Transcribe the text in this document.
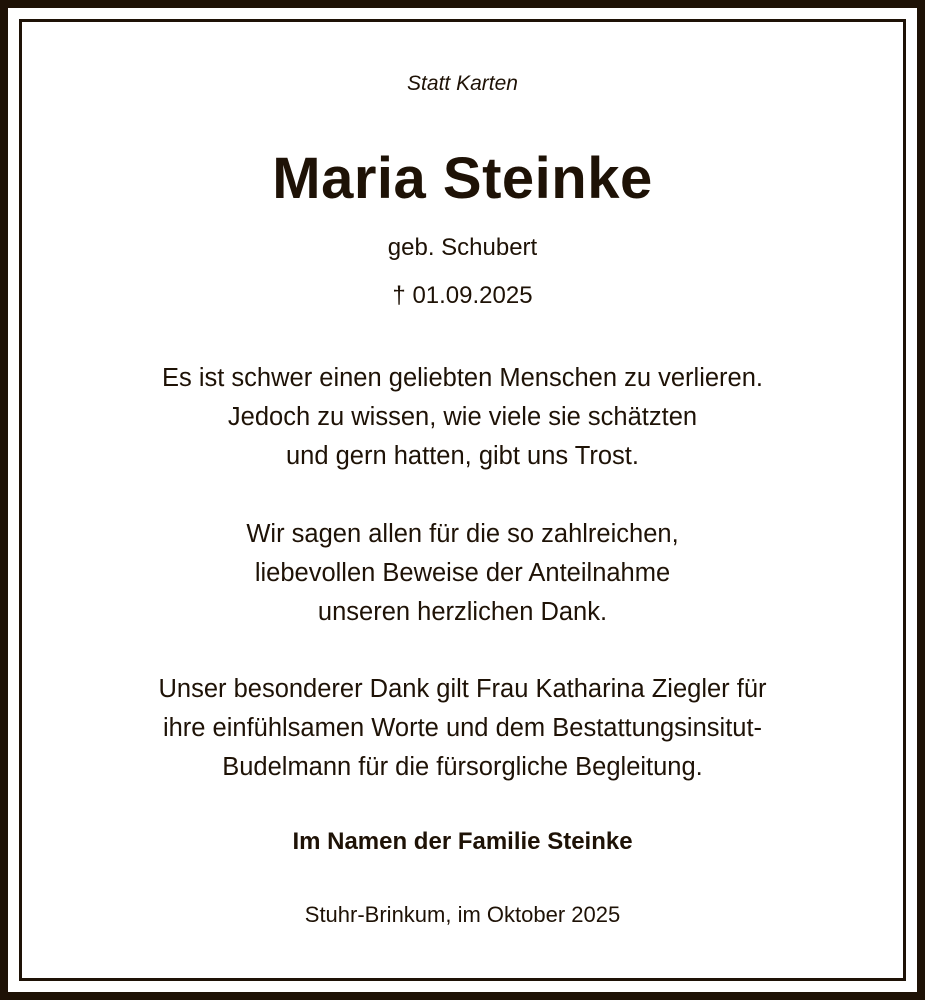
Statt Karten
Maria Steinke
geb. Schubert
† 01.09.2025
Es ist schwer einen geliebten Menschen zu verlieren.
Jedoch zu wissen, wie viele sie schätzten
und gern hatten, gibt uns Trost.
Wir sagen allen für die so zahlreichen,
liebevollen Beweise der Anteilnahme
unseren herzlichen Dank.
Unser besonderer Dank gilt Frau Katharina Ziegler für
ihre einfühlsamen Worte und dem Bestattungsinsitut-
Budelmann für die fürsorgliche Begleitung.
Im Namen der Familie Steinke
Stuhr-Brinkum, im Oktober 2025
